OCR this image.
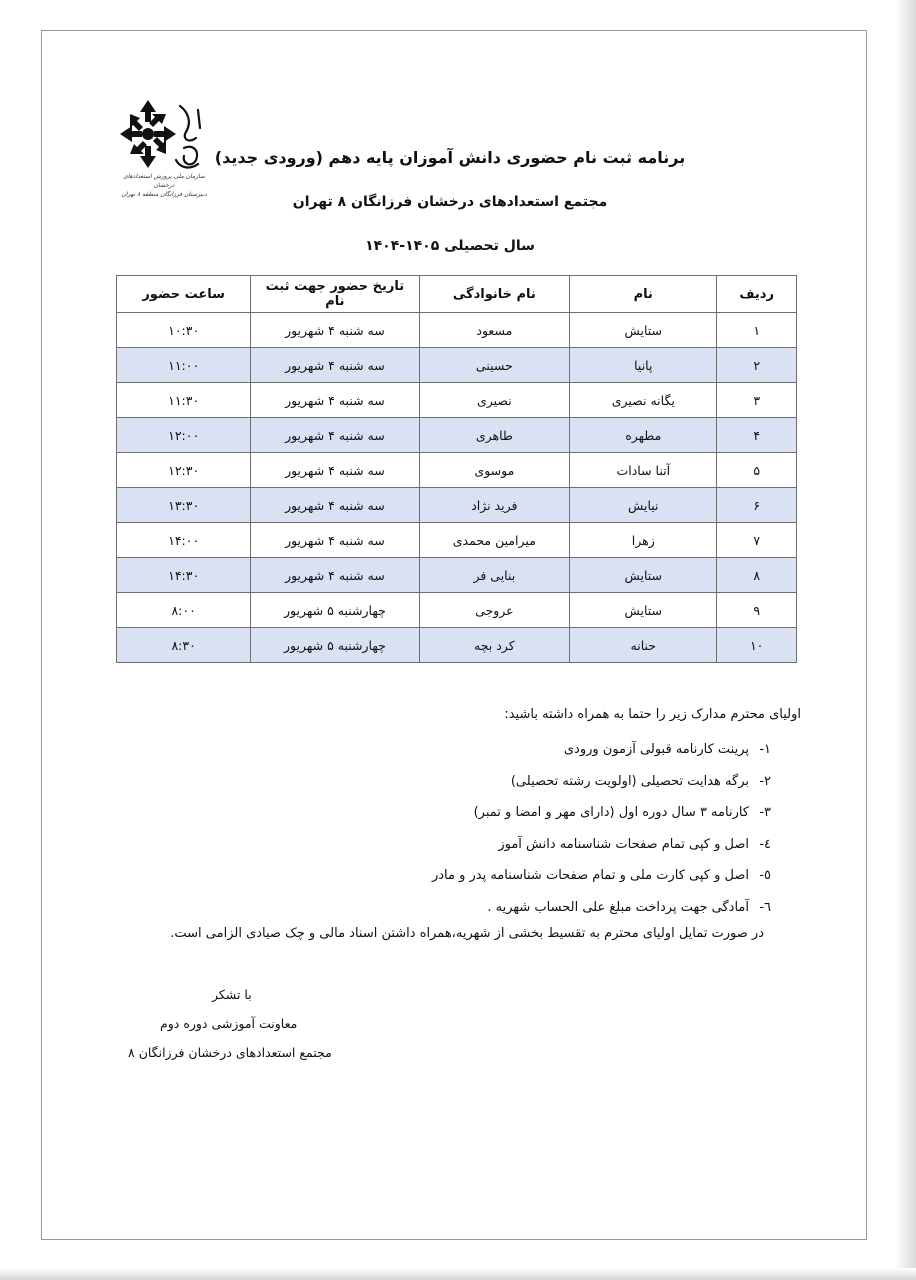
سازمان ملی پرورش استعدادهای درخشان
دبیرستان فرزانگان منطقه ۸ تهران
برنامه ثبت نام حضوری دانش آموزان پایه دهم (ورودی جدید)
مجتمع استعدادهای درخشان فرزانگان ۸ تهران
سال تحصیلی ۱۴۰۵-۱۴۰۴
ردیف	نام	نام خانوادگی	تاریخ حضور جهت ثبت نام	ساعت حضور
۱	ستایش	مسعود	سه شنبه ۴ شهریور	۱۰:۳۰
۲	پانیا	حسینی	سه شنبه ۴ شهریور	۱۱:۰۰
۳	یگانه نصیری	نصیری	سه شنبه ۴ شهریور	۱۱:۳۰
۴	مطهره	طاهری	سه شنبه ۴ شهریور	۱۲:۰۰
۵	آتنا سادات	موسوی	سه شنبه ۴ شهریور	۱۲:۳۰
۶	نیایش	فرید نژاد	سه شنبه ۴ شهریور	۱۳:۳۰
۷	زهرا	میرامین محمدی	سه شنبه ۴ شهریور	۱۴:۰۰
۸	ستایش	بنایی فر	سه شنبه ۴ شهریور	۱۴:۳۰
۹	ستایش	عروجی	چهارشنبه ۵ شهریور	۸:۰۰
۱۰	حنانه	کرد بچه	چهارشنبه ۵ شهریور	۸:۳۰
اولیای محترم مدارک زیر را حتما به همراه داشته باشید:
۱-
پرینت کارنامه قبولی آزمون ورودی
۲-
برگه هدایت تحصیلی (اولویت رشته تحصیلی)
۳-
کارنامه ۳ سال دوره اول (دارای مهر و امضا و تمبر)
٤-
اصل و کپی تمام صفحات شناسنامه دانش آموز
٥-
اصل و کپی کارت ملی و تمام صفحات شناسنامه پدر و مادر
٦-
آمادگی جهت پرداخت مبلغ علی الحساب شهریه .
در صورت تمایل اولیای محترم به تقسیط بخشی از شهریه،همراه داشتن اسناد مالی و چک صیادی الزامی است.
با تشکر
معاونت آموزشی دوره دوم
مجتمع استعدادهای درخشان فرزانگان ۸
